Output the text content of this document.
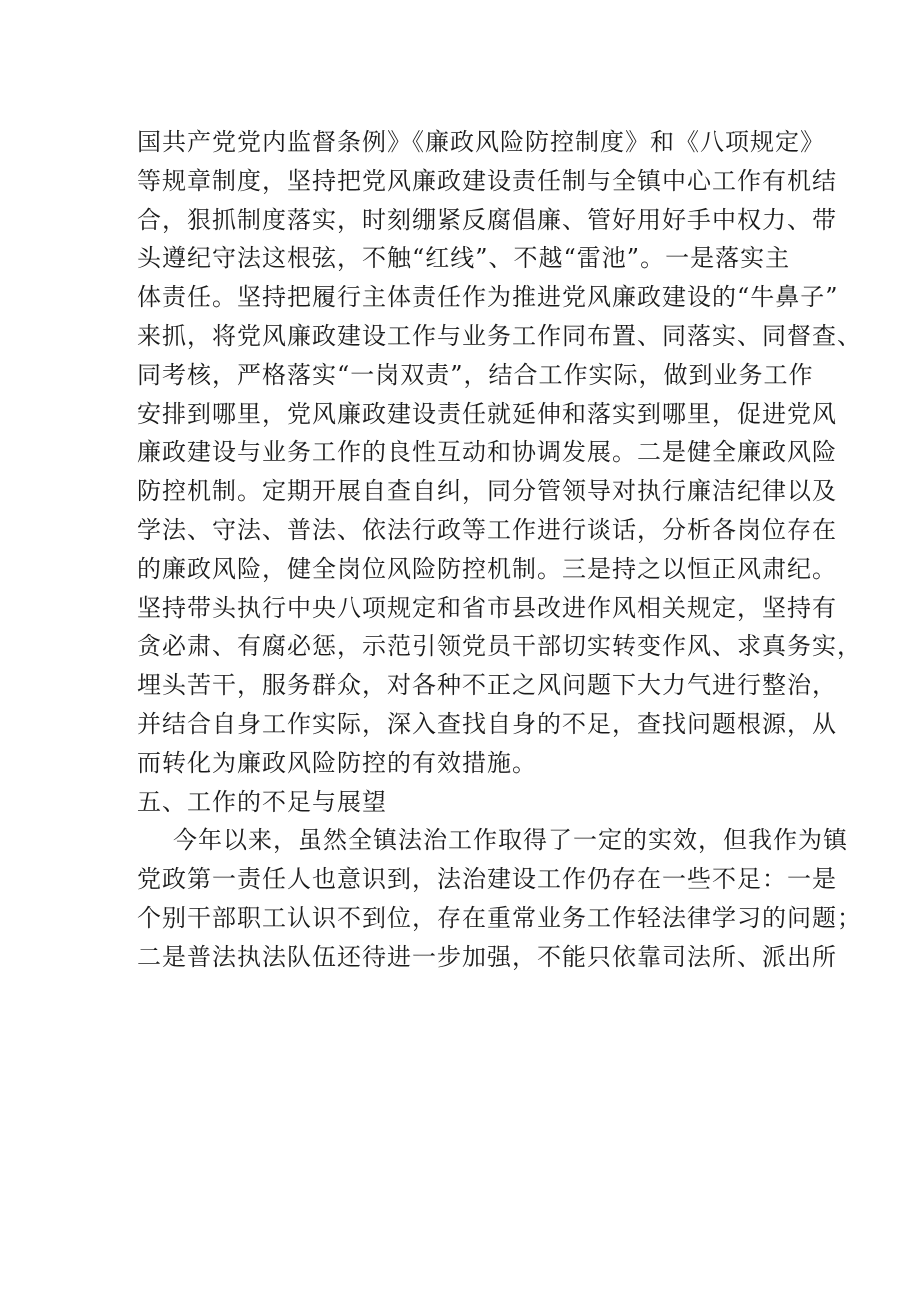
国共产党党内监督条例》《廉政风险防控制度》和《八项规定》
等规章制度，坚持把党风廉政建设责任制与全镇中心工作有机结
合，狠抓制度落实，时刻绷紧反腐倡廉、管好用好手中权力、带
头遵纪守法这根弦，不触“红线”、不越“雷池”。一是落实主
体责任。坚持把履行主体责任作为推进党风廉政建设的“牛鼻子”
来抓，将党风廉政建设工作与业务工作同布置、同落实、同督查、
同考核，严格落实“一岗双责”，结合工作实际，做到业务工作
安排到哪里，党风廉政建设责任就延伸和落实到哪里，促进党风
廉政建设与业务工作的良性互动和协调发展。二是健全廉政风险
防控机制。定期开展自查自纠，同分管领导对执行廉洁纪律以及
学法、守法、普法、依法行政等工作进行谈话，分析各岗位存在
的廉政风险，健全岗位风险防控机制。三是持之以恒正风肃纪。
坚持带头执行中央八项规定和省市县改进作风相关规定，坚持有
贪必肃、有腐必惩，示范引领党员干部切实转变作风、求真务实，
埋头苦干，服务群众，对各种不正之风问题下大力气进行整治，
并结合自身工作实际，深入查找自身的不足，查找问题根源，从
而转化为廉政风险防控的有效措施。
五、工作的不足与展望
今年以来，虽然全镇法治工作取得了一定的实效，但我作为镇
党政第一责任人也意识到，法治建设工作仍存在一些不足：一是
个别干部职工认识不到位，存在重常业务工作轻法律学习的问题；
二是普法执法队伍还待进一步加强，不能只依靠司法所、派出所
